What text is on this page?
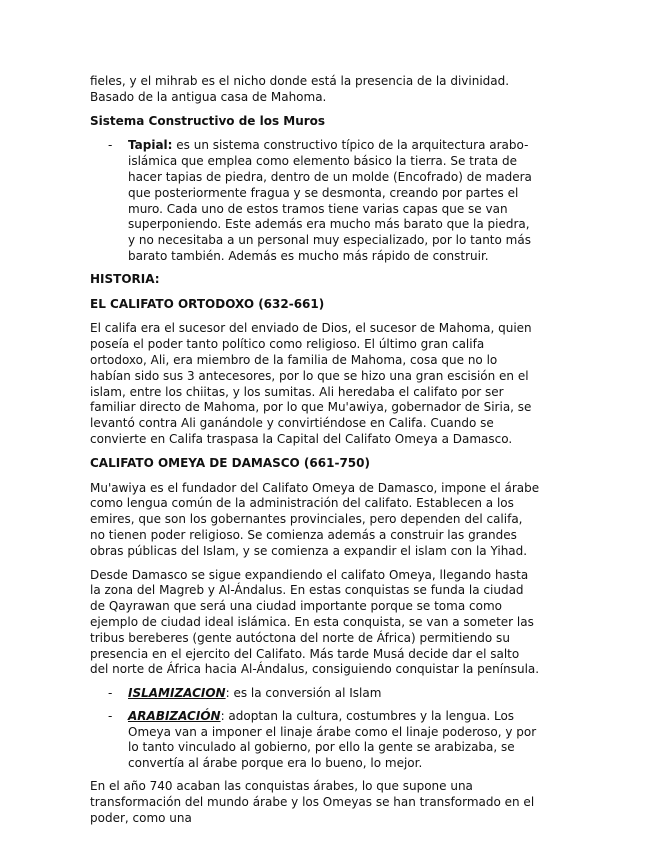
fieles, y el mihrab es el nicho donde está la presencia de la divinidad. Basado de la antigua casa de Mahoma.

Sistema Constructivo de los Muros

- Tapial: es un sistema constructivo típico de la arquitectura arabo-islámica que emplea como elemento básico la tierra. Se trata de hacer tapias de piedra, dentro de un molde (Encofrado) de madera que posteriormente fragua y se desmonta, creando por partes el muro. Cada uno de estos tramos tiene varias capas que se van superponiendo. Este además era mucho más barato que la piedra, y no necesitaba a un personal muy especializado, por lo tanto más barato también. Además es mucho más rápido de construir.

HISTORIA:

EL CALIFATO ORTODOXO (632-661)

El califa era el sucesor del enviado de Dios, el sucesor de Mahoma, quien poseía el poder tanto político como religioso. El último gran califa ortodoxo, Ali, era miembro de la familia de Mahoma, cosa que no lo habían sido sus 3 antecesores, por lo que se hizo una gran escisión en el islam, entre los chiitas, y los sumitas. Ali heredaba el califato por ser familiar directo de Mahoma, por lo que Mu'awiya, gobernador de Siria, se levantó contra Ali ganándole y convirtiéndose en Califa. Cuando se convierte en Califa traspasa la Capital del Califato Omeya a Damasco.

CALIFATO OMEYA DE DAMASCO (661-750)

Mu'awiya es el fundador del Califato Omeya de Damasco, impone el árabe como lengua común de la administración del califato. Establecen a los emires, que son los gobernantes provinciales, pero dependen del califa, no tienen poder religioso. Se comienza además a construir las grandes obras públicas del Islam, y se comienza a expandir el islam con la Yihad.

Desde Damasco se sigue expandiendo el califato Omeya, llegando hasta la zona del Magreb y Al-Ándalus. En estas conquistas se funda la ciudad de Qayrawan que será una ciudad importante porque se toma como ejemplo de ciudad ideal islámica. En esta conquista, se van a someter las tribus bereberes (gente autóctona del norte de África) permitiendo su presencia en el ejercito del Califato. Más tarde Musá decide dar el salto del norte de África hacia Al-Ándalus, consiguiendo conquistar la península.

- ISLAMIZACION: es la conversión al Islam
- ARABIZACIÓN: adoptan la cultura, costumbres y la lengua. Los Omeya van a imponer el linaje árabe como el linaje poderoso, y por lo tanto vinculado al gobierno, por ello la gente se arabizaba, se convertía al árabe porque era lo bueno, lo mejor.

En el año 740 acaban las conquistas árabes, lo que supone una transformación del mundo árabe y los Omeyas se han transformado en el poder, como una
